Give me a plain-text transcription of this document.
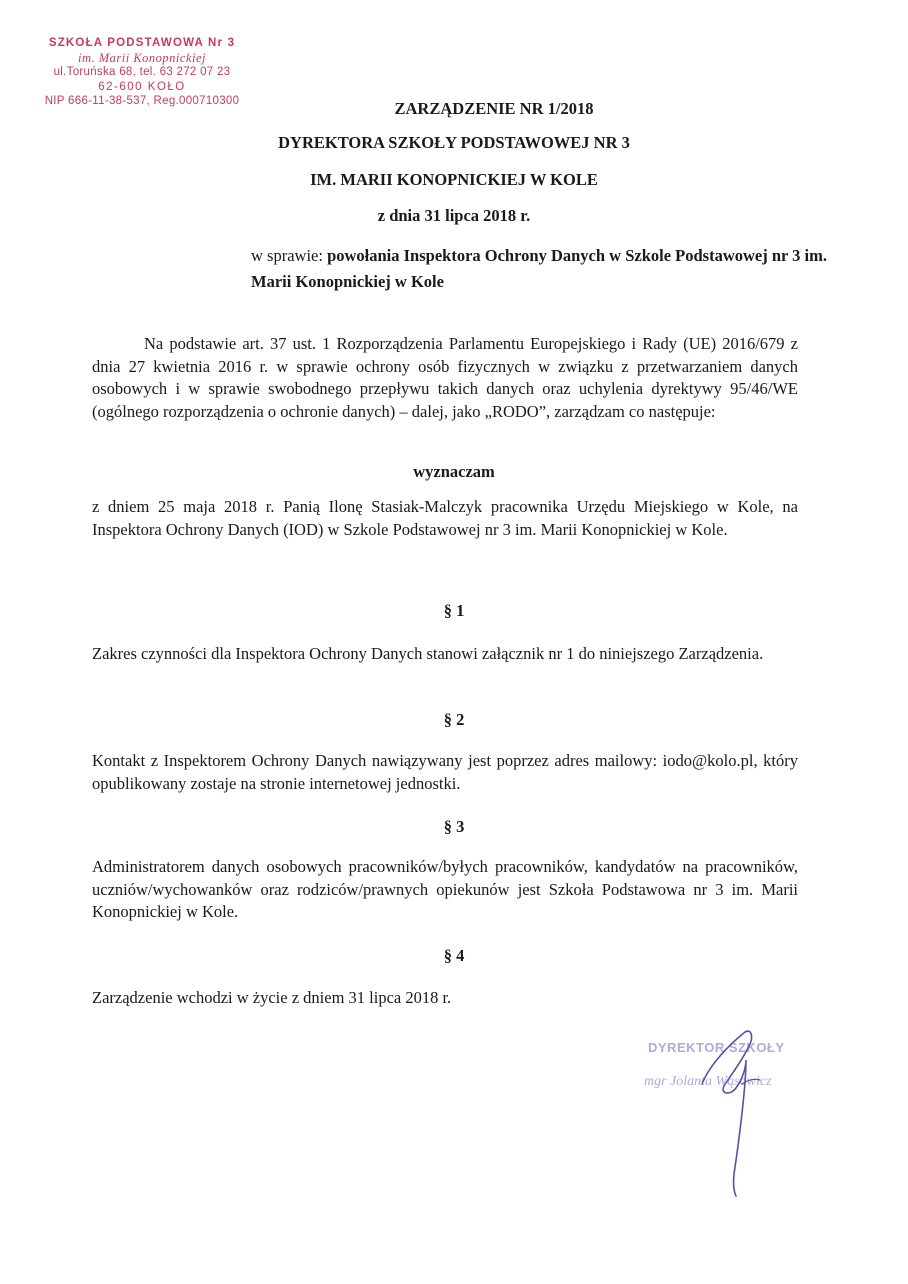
SZKOŁA PODSTAWOWA Nr 3
im. Marii Konopnickiej
ul.Toruńska 68, tel. 63 272 07 23
62-600 KOŁO
NIP 666-11-38-537, Reg.000710300	ZARZĄDZENIE NR 1/2018
DYREKTORA SZKOŁY PODSTAWOWEJ NR 3
IM. MARII KONOPNICKIEJ W KOLE
z dnia 31 lipca 2018 r.
w sprawie: powołania Inspektora Ochrony Danych w Szkole Podstawowej nr 3 im. Marii Konopnickiej w Kole
Na podstawie art. 37 ust. 1 Rozporządzenia Parlamentu Europejskiego i Rady (UE) 2016/679 z dnia 27 kwietnia 2016 r. w sprawie ochrony osób fizycznych w związku z przetwarzaniem danych osobowych i w sprawie swobodnego przepływu takich danych oraz uchylenia dyrektywy 95/46/WE (ogólnego rozporządzenia o ochronie danych) – dalej, jako „RODO”, zarządzam co następuje:
wyznaczam
z dniem 25 maja 2018 r. Panią Ilonę Stasiak-Malczyk pracownika Urzędu Miejskiego w Kole, na Inspektora Ochrony Danych (IOD) w Szkole Podstawowej nr 3 im. Marii Konopnickiej w Kole.
§ 1
Zakres czynności dla Inspektora Ochrony Danych stanowi załącznik nr 1 do niniejszego Zarządzenia.
§ 2
Kontakt z Inspektorem Ochrony Danych nawiązywany jest poprzez adres mailowy: iodo@kolo.pl, który opublikowany zostaje na stronie internetowej jednostki.
§ 3
Administratorem danych osobowych pracowników/byłych pracowników, kandydatów na pracowników, uczniów/wychowanków oraz rodziców/prawnych opiekunów jest Szkoła Podstawowa nr 3 im. Marii Konopnickiej w Kole.
§ 4
Zarządzenie wchodzi w życie z dniem 31 lipca 2018 r.
DYREKTOR SZKOŁY
mgr Jolanta Wąsowicz
